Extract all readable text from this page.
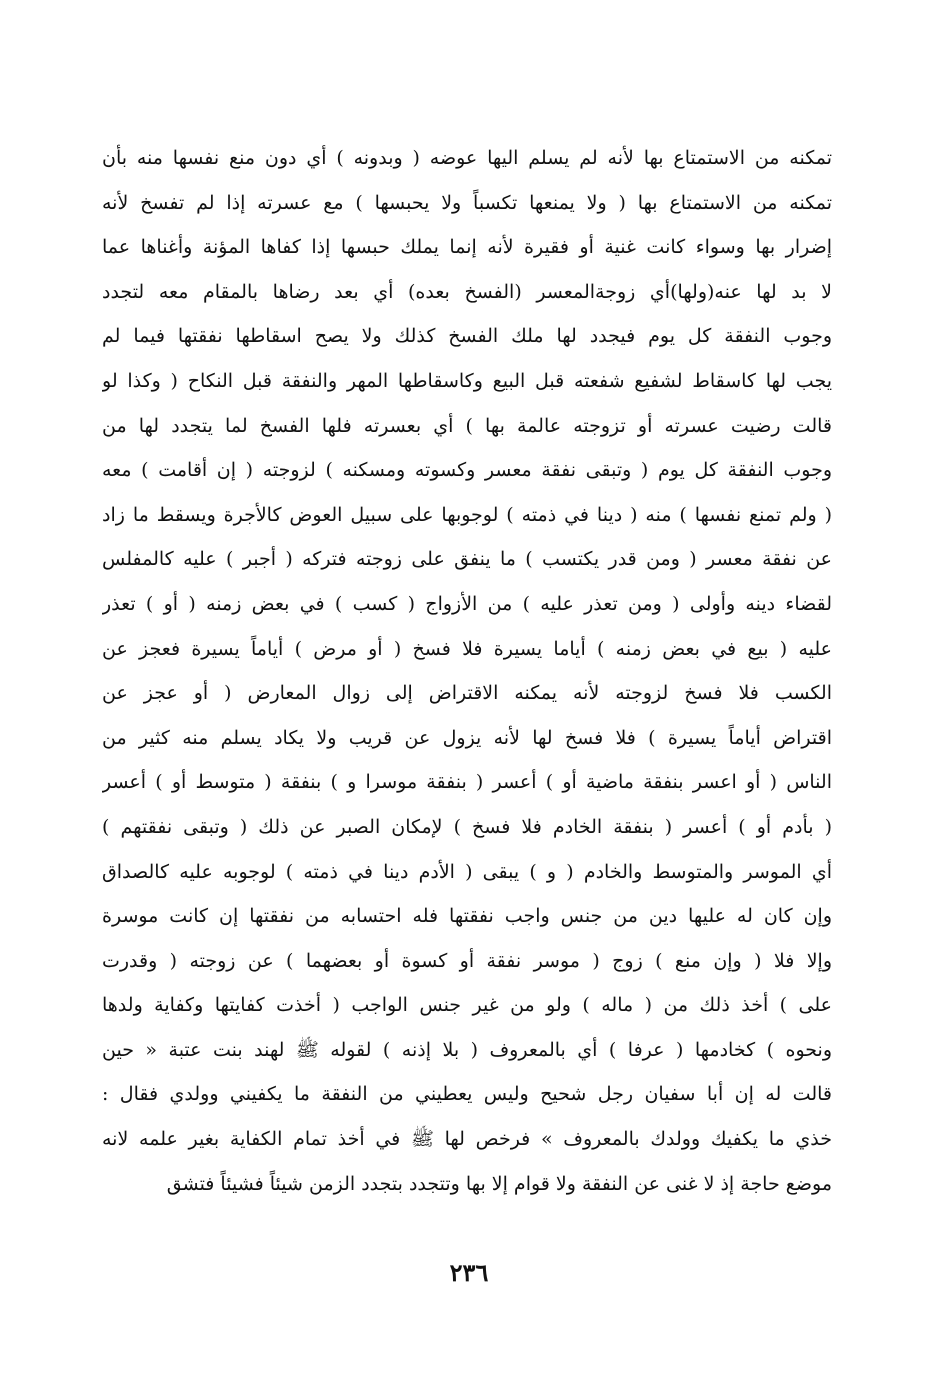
تمكنه من الاستمتاع بها لأنه لم يسلم اليها عوضه ( وبدونه ) أي دون منع نفسها منه بأن
تمكنه من الاستمتاع بها ( ولا يمنعها تكسباً ولا يحبسها ) مع عسرته إذا لم تفسخ لأنه
إضرار بها وسواء كانت غنية أو فقيرة لأنه إنما يملك حبسها إذا كفاها المؤنة وأغناها عما
لا بد لها عنه(ولها)أي زوجةالمعسر (الفسخ بعده) أي بعد رضاها بالمقام معه لتجدد
وجوب النفقة كل يوم فيجدد لها ملك الفسخ كذلك ولا يصح اسقاطها نفقتها فيما لم
يجب لها كاسقاط لشفيع شفعته قبل البيع وكاسقاطها المهر والنفقة قبل النكاح ( وكذا لو
قالت رضيت عسرته أو تزوجته عالمة بها ) أي بعسرته فلها الفسخ لما يتجدد لها من
وجوب النفقة كل يوم ( وتبقى نفقة معسر وكسوته ومسكنه ) لزوجته ( إن أقامت ) معه
( ولم تمنع نفسها ) منه ( دينا في ذمته ) لوجوبها على سبيل العوض كالأجرة ويسقط ما زاد
عن نفقة معسر ( ومن قدر يكتسب ) ما ينفق على زوجته فتركه ( أجبر ) عليه كالمفلس
لقضاء دينه وأولى ( ومن تعذر عليه ) من الأزواج ( كسب ) في بعض زمنه ( أو ) تعذر
عليه ( بيع في بعض زمنه ) أياما يسيرة فلا فسخ ( أو مرض ) أياماً يسيرة فعجز عن
الكسب فلا فسخ لزوجته لأنه يمكنه الاقتراض إلى زوال المعارض ( أو عجز عن
اقتراض أياماً يسيرة ) فلا فسخ لها لأنه يزول عن قريب ولا يكاد يسلم منه كثير من
الناس ( أو اعسر بنفقة ماضية أو ) أعسر ( بنفقة موسرا و ) بنفقة ( متوسط أو ) أعسر
( بأدم أو ) أعسر ( بنفقة الخادم فلا فسخ ) لإمكان الصبر عن ذلك ( وتبقى نفقتهم )
أي الموسر والمتوسط والخادم ( و ) يبقى ( الأدم دينا في ذمته ) لوجوبه عليه كالصداق
وإن كان له عليها دين من جنس واجب نفقتها فله احتسابه من نفقتها إن كانت موسرة
وإلا فلا ( وإن منع ) زوج ( موسر نفقة أو كسوة أو بعضهما ) عن زوجته ( وقدرت
على ) أخذ ذلك من ( ماله ) ولو من غير جنس الواجب ( أخذت كفايتها وكفاية ولدها
ونحوه ) كخادمها ( عرفا ) أي بالمعروف ( بلا إذنه ) لقوله ﷺ لهند بنت عتبة « حين
قالت له إن أبا سفيان رجل شحيح وليس يعطيني من النفقة ما يكفيني وولدي فقال :
خذي ما يكفيك وولدك بالمعروف » فرخص لها ﷺ في أخذ تمام الكفاية بغير علمه لانه
موضع حاجة إذ لا غنى عن النفقة ولا قوام إلا بها وتتجدد بتجدد الزمن شيئاً فشيئاً فتشق
٢٣٦
